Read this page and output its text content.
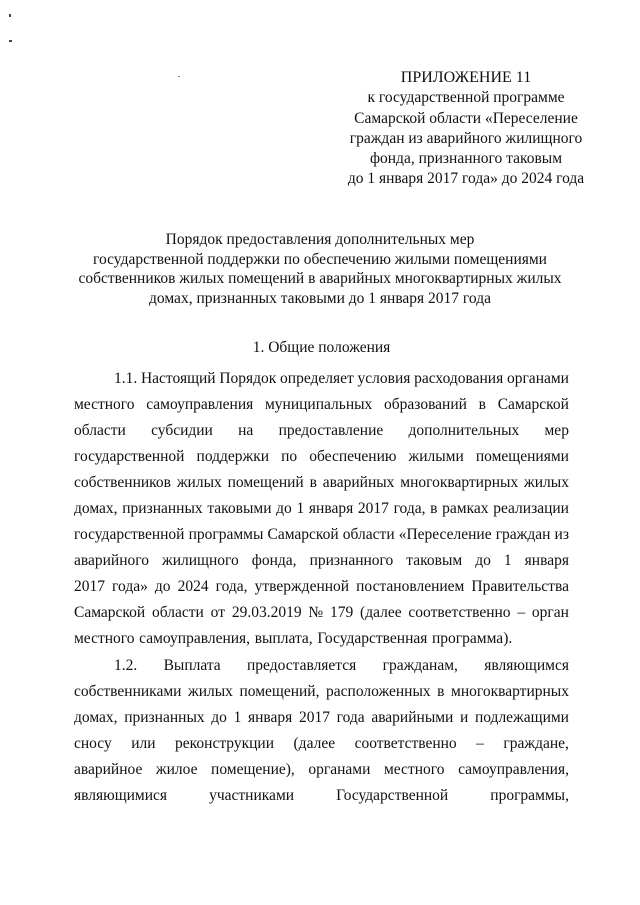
ПРИЛОЖЕНИЕ 11
к государственной программе
Самарской области «Переселение
граждан из аварийного жилищного
фонда, признанного таковым
до 1 января 2017 года» до 2024 года
Порядок предоставления дополнительных мер
государственной поддержки по обеспечению жилыми помещениями
собственников жилых помещений в аварийных многоквартирных жилых
домах, признанных таковыми до 1 января 2017 года
1. Общие положения
1.1. Настоящий Порядок определяет условия расходования органами
местного самоуправления муниципальных образований в Самарской
области субсидии на предоставление дополнительных мер
государственной поддержки по обеспечению жилыми помещениями
собственников жилых помещений в аварийных многоквартирных жилых
домах, признанных таковыми до 1 января 2017 года, в рамках реализации
государственной программы Самарской области «Переселение граждан из
аварийного жилищного фонда, признанного таковым до 1 января
2017 года» до 2024 года, утвержденной постановлением Правительства
Самарской области от 29.03.2019 № 179 (далее соответственно – орган
местного самоуправления, выплата, Государственная программа).
1.2. Выплата предоставляется гражданам, являющимся
собственниками жилых помещений, расположенных в многоквартирных
домах, признанных до 1 января 2017 года аварийными и подлежащими
сносу или реконструкции (далее соответственно – граждане,
аварийное жилое помещение), органами местного самоуправления,
являющимися	участниками	Государственной	программы,
